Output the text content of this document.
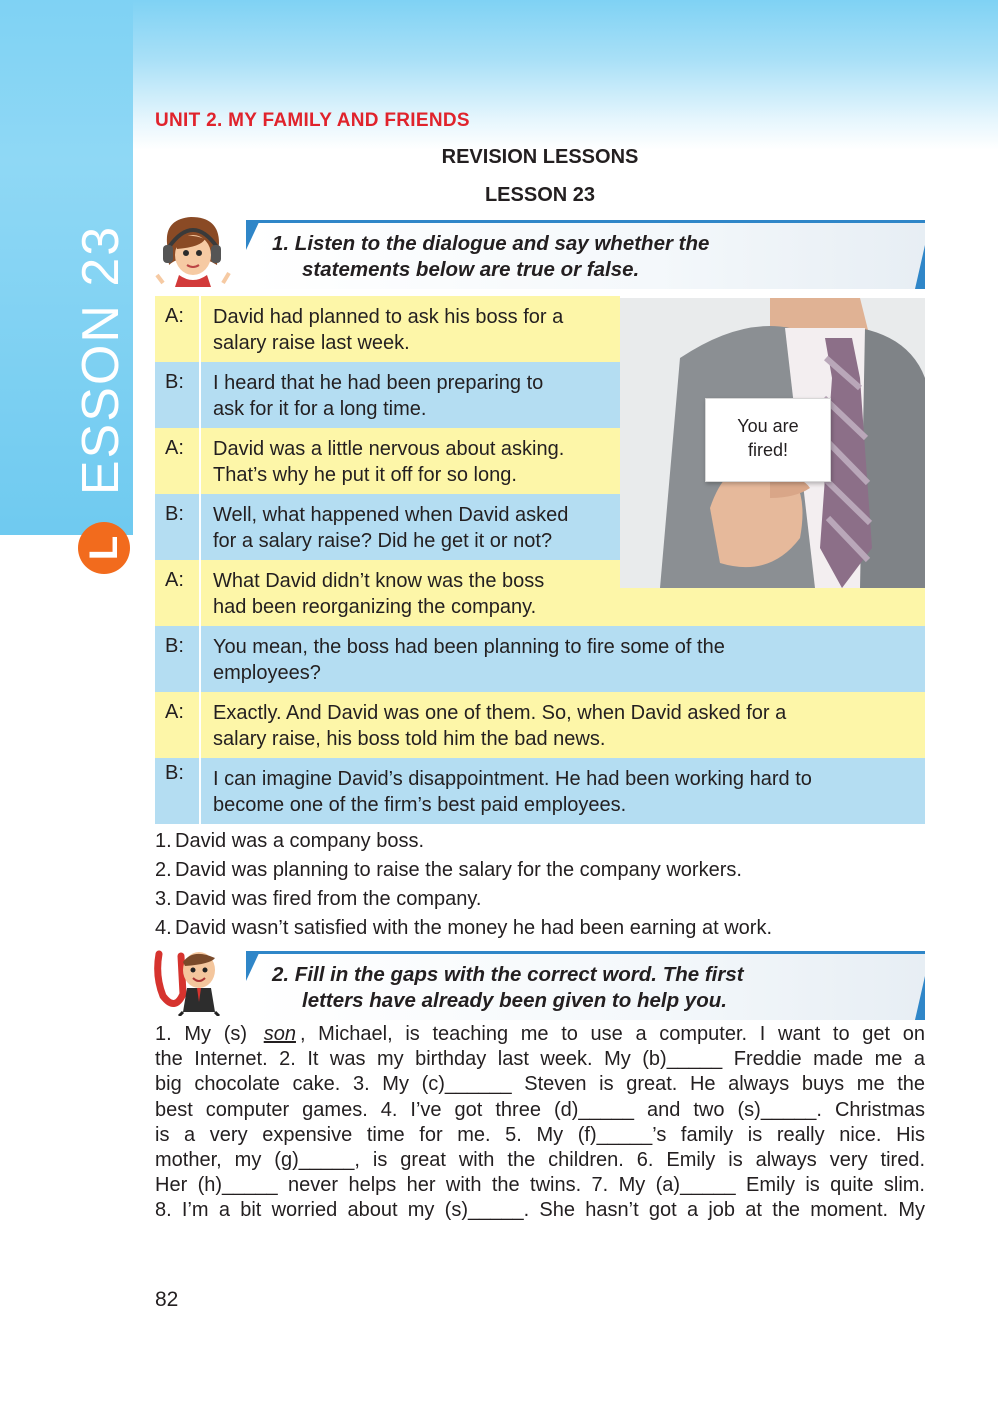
ESSON 23
L
UNIT 2. MY FAMILY AND FRIENDS
REVISION LESSONS
LESSON 23
1. Listen to the dialogue and say whether the
statements below are true or false.
A:	David had planned to ask his boss for a
salary raise last week.
B:	I heard that he had been preparing to
ask for it for a long time.
A:	David was a little nervous about asking.
That’s why he put it off for so long.
B:	Well, what happened when David asked
for a salary raise? Did he get it or not?
A:	What David didn’t know was the boss
had been reorganizing the company.
B:	You mean, the boss had been planning to fire some of the
employees?
A:	Exactly. And David was one of them. So, when David asked for a
salary raise, his boss told him the bad news.
B:	I can imagine David’s disappointment. He had been working hard to
become one of the firm’s best paid employees.
You are
fired!
1. David was a company boss.
2. David was planning to raise the salary for the company workers.
3. David was fired from the company.
4. David wasn’t satisfied with the money he had been earning at work.
2. Fill in the gaps with the correct word. The first
letters have already been given to help you.
1. My (s) son , Michael, is teaching me to use a computer. I want to get on
the Internet. 2. It was my birthday last week. My (b)_____ Freddie made me a
big chocolate cake. 3. My (c)______ Steven is great. He always buys me the
best computer games. 4. I’ve got three (d)_____ and two (s)_____. Christmas
is a very expensive time for me. 5. My (f)_____’s family is really nice. His
mother, my (g)_____, is great with the children. 6. Emily is always very tired.
Her (h)_____ never helps her with the twins. 7. My (a)_____ Emily is quite slim.
8. I’m a bit worried about my (s)_____. She hasn’t got a job at the moment. My
82
